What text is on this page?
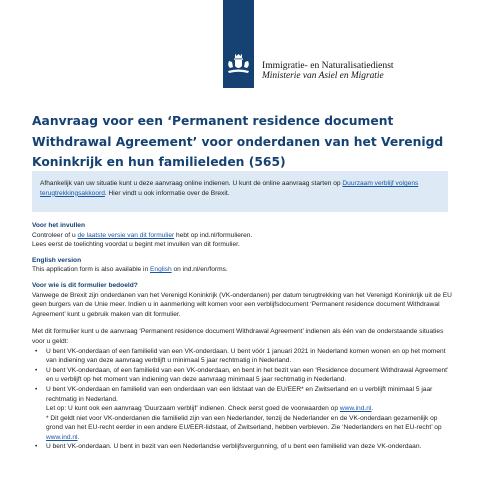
Immigratie- en Naturalisatiedienst
Ministerie van Asiel en Migratie
Aanvraag voor een ‘Permanent residence document Withdrawal Agreement’ voor onderdanen van het Verenigd Koninkrijk en hun familieleden (565)
Afhankelijk van uw situatie kunt u deze aanvraag online indienen. U kunt de online aanvraag starten op Duurzaam verblijf volgens terugtrekkingsakkoord. Hier vindt u ook informatie over de Brexit.
Voor het invullen
Controleer of u de laatste versie van dit formulier hebt op ind.nl/formulieren.
Lees eerst de toelichting voordat u begint met invullen van dit formulier.
English version
This application form is also available in English on ind.nl/en/forms.
Voor wie is dit formulier bedoeld?
Vanwege de Brexit zijn onderdanen van het Verenigd Koninkrijk (VK-onderdanen) per datum terugtrekking van het Verenigd Koninkrijk uit de EU geen burgers van de Unie meer. Indien u in aanmerking wilt komen voor een verblijfsdocument ‘Permanent residence document Withdrawal Agreement’ kunt u gebruik maken van dit formulier.
Met dit formulier kunt u de aanvraag ‘Permanent residence document Withdrawal Agreement’ indienen als één van de onderstaande situaties voor u geldt:
• U bent VK-onderdaan of een familielid van een VK-onderdaan. U bent vóór 1 januari 2021 in Nederland komen wonen en op het moment van indiening van deze aanvraag verblijft u minimaal 5 jaar rechtmatig in Nederland.
• U bent VK-onderdaan, of een familielid van een VK-onderdaan, en bent in het bezit van een ‘Residence document Withdrawal Agreement’ en u verblijft op het moment van indiening van deze aanvraag minimaal 5 jaar rechtmatig in Nederland.
• U bent VK-onderdaan en familielid van een onderdaan van een lidstaat van de EU/EER* en Zwitserland en u verblijft minimaal 5 jaar rechtmatig in Nederland.
Let op: U kunt ook een aanvraag ‘Duurzaam verblijf’ indienen. Check eerst goed de voorwaarden op www.ind.nl.
* Dit geldt niet voor VK-onderdanen die familielid zijn van een Nederlander, tenzij de Nederlander en de VK-onderdaan gezamenlijk op grond van het EU-recht eerder in een andere EU/EER-lidstaat, of Zwitserland, hebben verbleven. Zie ‘Nederlanders en het EU-recht’ op www.ind.nl.
• U bent VK-onderdaan. U bent in bezit van een Nederlandse verblijfsvergunning, of u bent een familielid van deze VK-onderdaan.
